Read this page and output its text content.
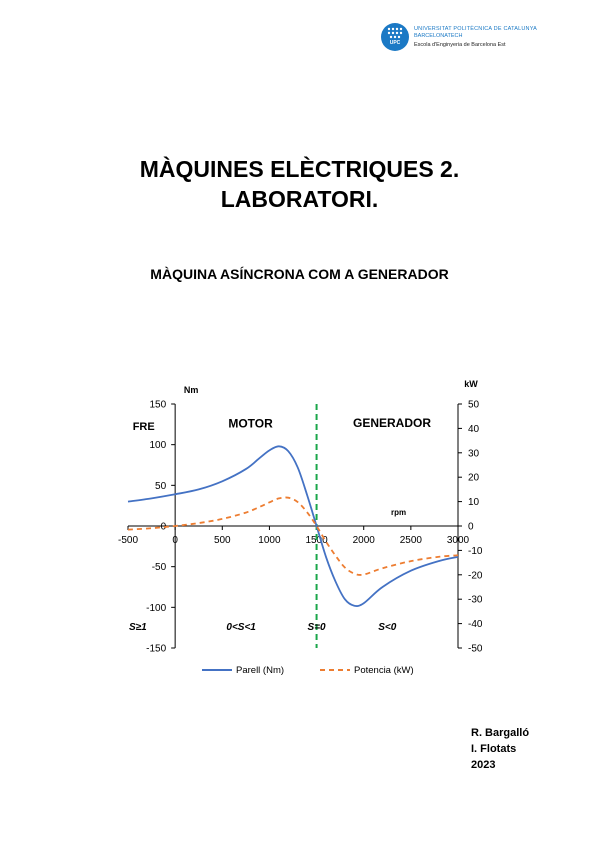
UPC
UNIVERSITAT POLITÈCNICA DE CATALUNYA
BARCELONATECH
Escola d'Enginyeria de Barcelona Est
MÀQUINES ELÈCTRIQUES 2.
LABORATORI.
MÀQUINA ASÍNCRONA COM A GENERADOR
-500	0	500	1000 1500 2000 2500 3000
-150
-100
-50
0
50
100
150
-50
-40
-30
-20
-10
0
10
20
30
40
50
Nm
kW
rpm
FRE	MOTOR	GENERADOR
S≥1	0<S<1	S=0	S<0
Parell (Nm)	Potencia (kW)
R. Bargalló
I. Flotats
2023
